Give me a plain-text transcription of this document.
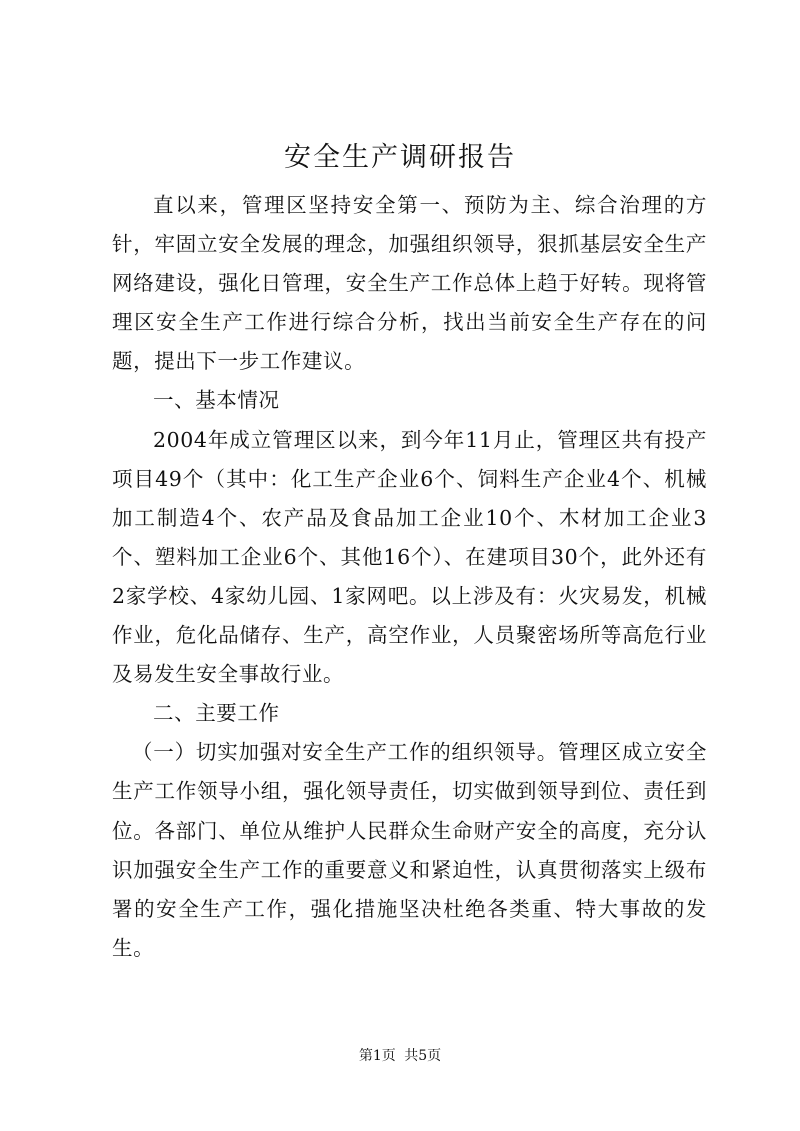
安全生产调研报告

直以来，管理区坚持安全第一、预防为主、综合治理的方针，牢固立安全发展的理念，加强组织领导，狠抓基层安全生产网络建设，强化日管理，安全生产工作总体上趋于好转。现将管理区安全生产工作进行综合分析，找出当前安全生产存在的问题，提出下一步工作建议。

一、基本情况

2004年成立管理区以来，到今年11月止，管理区共有投产项目49个（其中：化工生产企业6个、饲料生产企业4个、机械加工制造4个、农产品及食品加工企业10个、木材加工企业3个、塑料加工企业6个、其他16个）、在建项目30个，此外还有2家学校、4家幼儿园、1家网吧。以上涉及有：火灾易发，机械作业，危化品储存、生产，高空作业，人员聚密场所等高危行业及易发生安全事故行业。

二、主要工作

（一）切实加强对安全生产工作的组织领导。管理区成立安全生产工作领导小组，强化领导责任，切实做到领导到位、责任到位。各部门、单位从维护人民群众生命财产安全的高度，充分认识加强安全生产工作的重要意义和紧迫性，认真贯彻落实上级布署的安全生产工作，强化措施坚决杜绝各类重、特大事故的发生。

第1页 共5页
